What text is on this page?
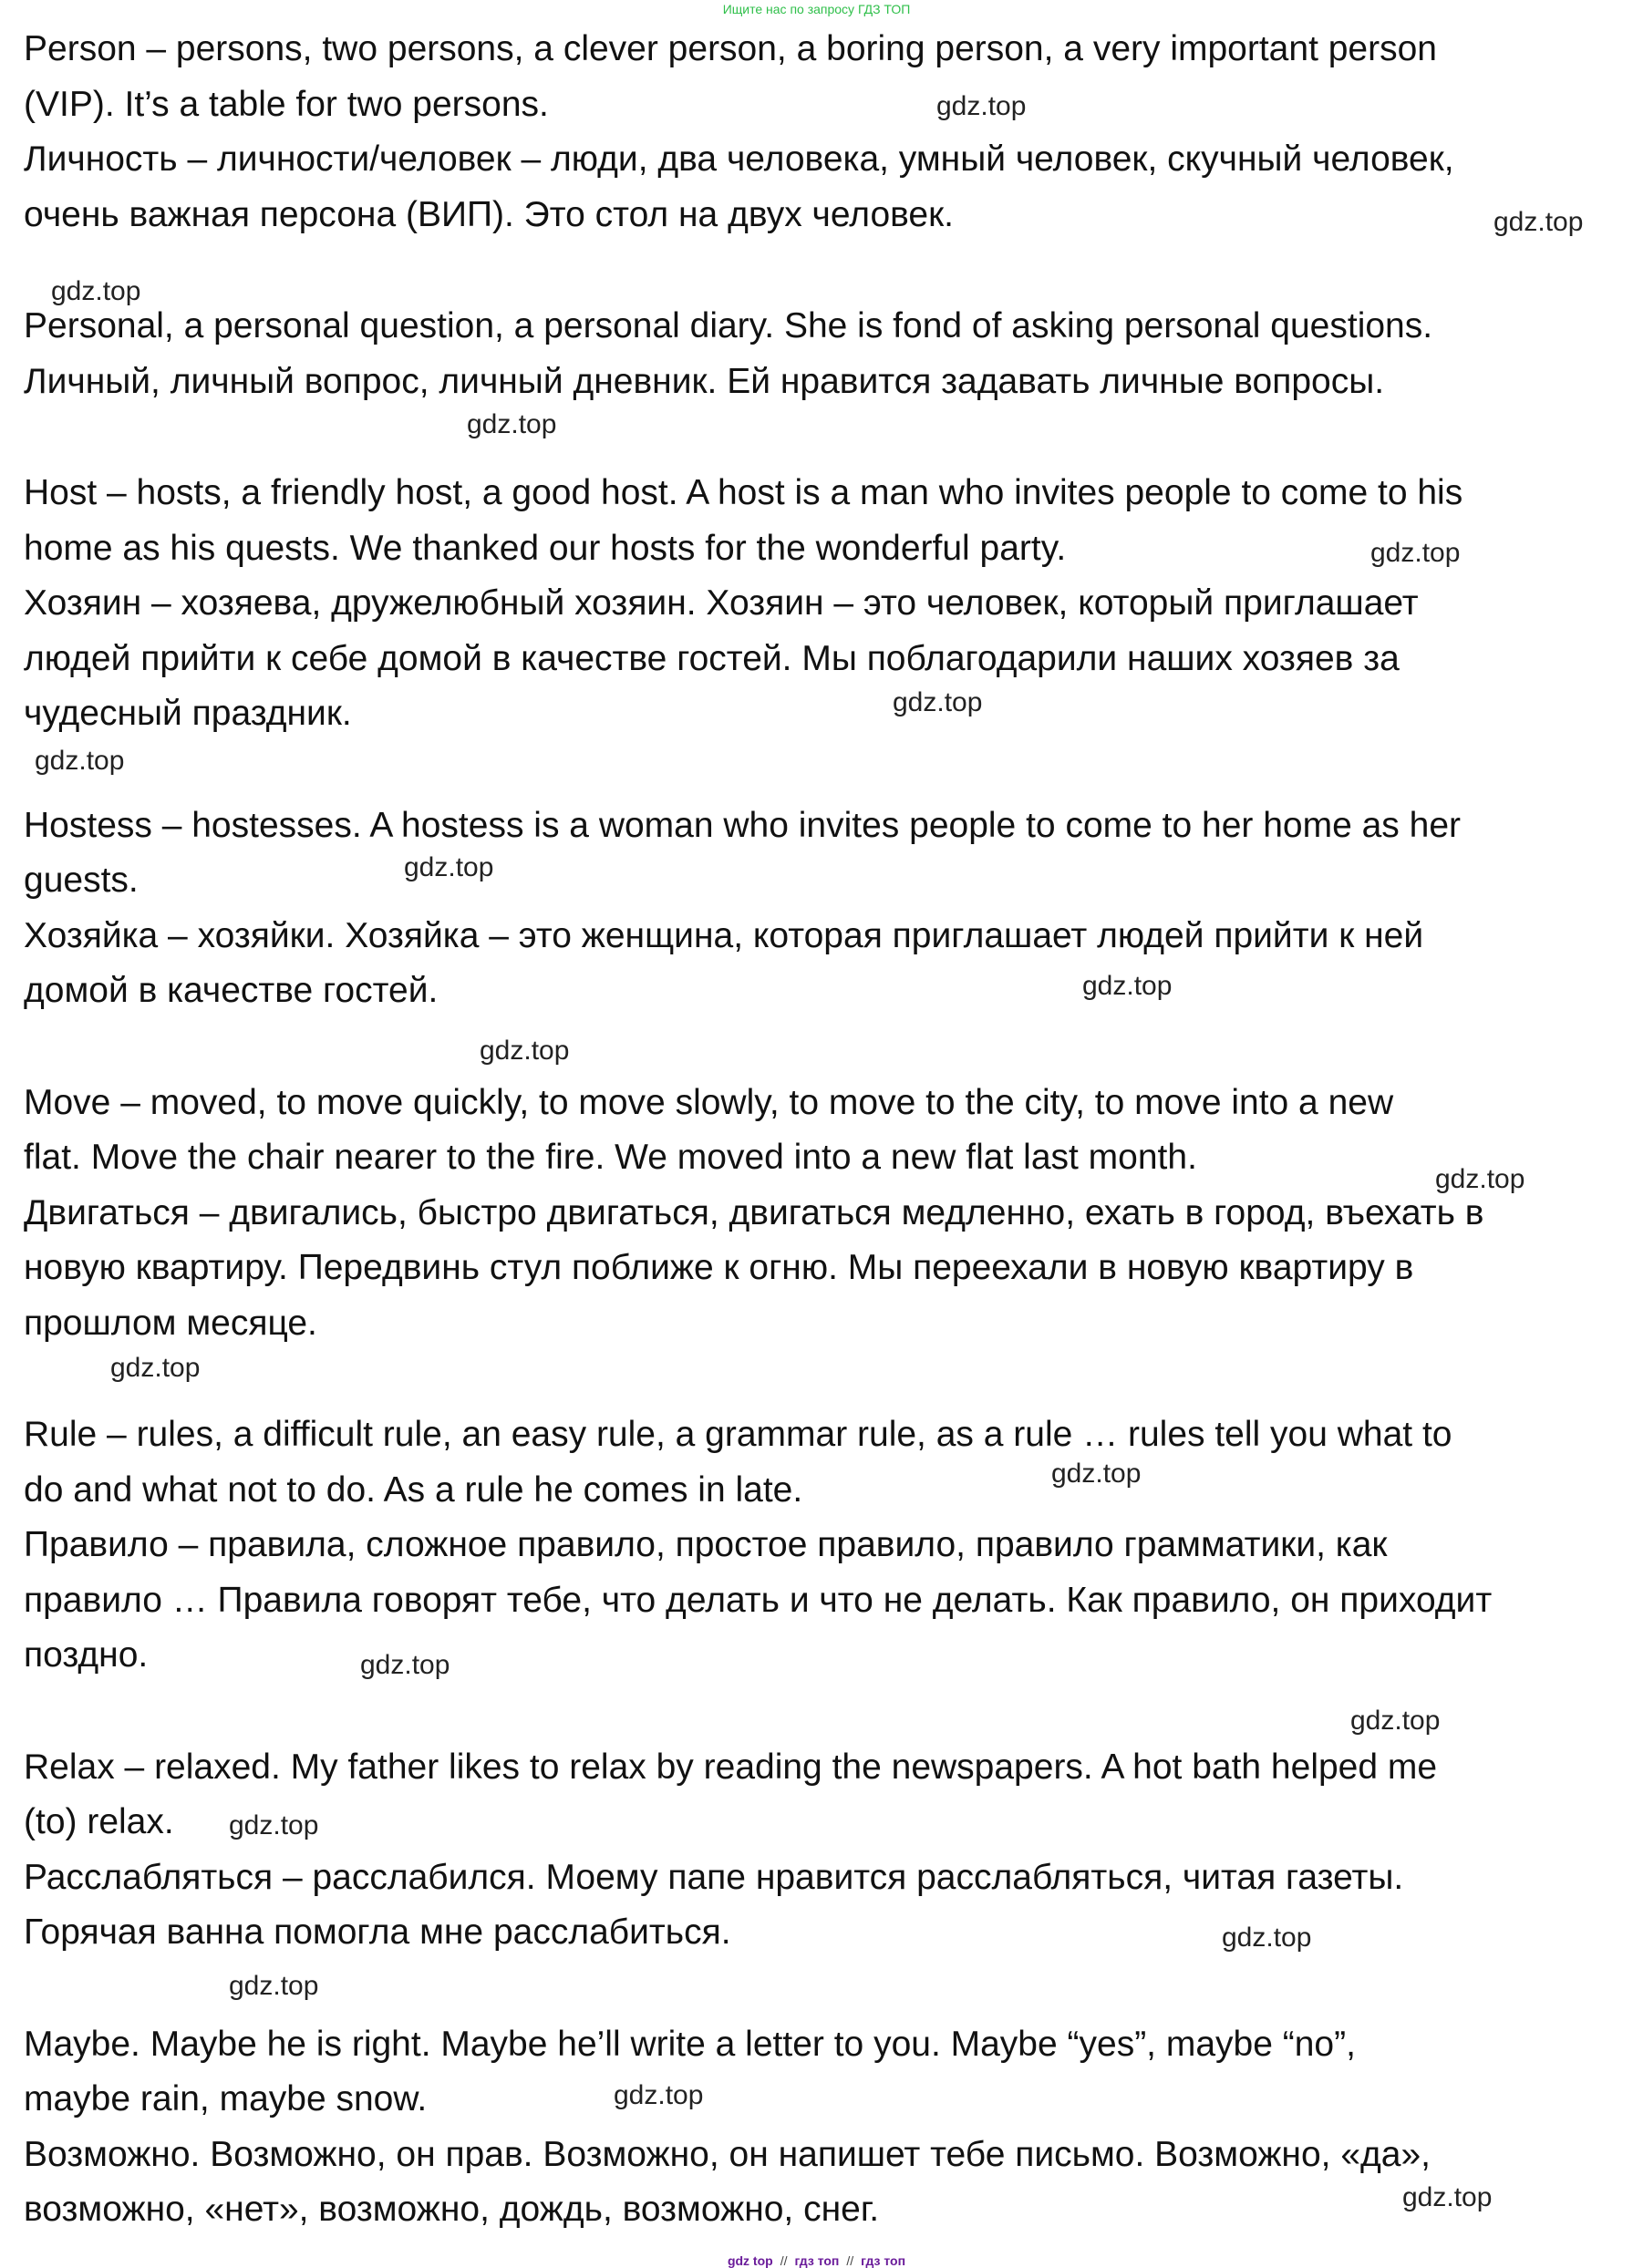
Ищите нас по запросу ГДЗ ТОП

Person – persons, two persons, a clever person, a boring person, a very important person

(VIP). It’s a table for two persons.

Личность – личности/человек – люди, два человека, умный человек, скучный человек,

очень важная персона (ВИП). Это стол на двух человек.

Personal, a personal question, a personal diary. She is fond of asking personal questions.

Личный, личный вопрос, личный дневник. Ей нравится задавать личные вопросы.

Host – hosts, a friendly host, a good host. A host is a man who invites people to come to his

home as his quests. We thanked our hosts for the wonderful party.

Хозяин – хозяева, дружелюбный хозяин. Хозяин – это человек, который приглашает

людей прийти к себе домой в качестве гостей. Мы поблагодарили наших хозяев за

чудесный праздник.

Hostess – hostesses. A hostess is a woman who invites people to come to her home as her

guests.

Хозяйка – хозяйки. Хозяйка – это женщина, которая приглашает людей прийти к ней

домой в качестве гостей.

Move – moved, to move quickly, to move slowly, to move to the city, to move into a new

flat. Move the chair nearer to the fire. We moved into a new flat last month.

Двигаться – двигались, быстро двигаться, двигаться медленно, ехать в город, въехать в

новую квартиру. Передвинь стул поближе к огню. Мы переехали в новую квартиру в

прошлом месяце.

Rule – rules, a difficult rule, an easy rule, a grammar rule, as a rule … rules tell you what to

do and what not to do. As a rule he comes in late.

Правило – правила, сложное правило, простое правило, правило грамматики, как

правило … Правила говорят тебе, что делать и что не делать. Как правило, он приходит

поздно.

Relax – relaxed. My father likes to relax by reading the newspapers. A hot bath helped me

(to) relax.

Расслабляться – расслабился. Моему папе нравится расслабляться, читая газеты.

Горячая ванна помогла мне расслабиться.

Maybe. Maybe he is right. Maybe he’ll write a letter to you. Maybe “yes”, maybe “no”,

maybe rain, maybe snow.

Возможно. Возможно, он прав. Возможно, он напишет тебе письмо. Возможно, «да»,

возможно, «нет», возможно, дождь, возможно, снег.

gdz.top
gdz.top
gdz.top
gdz.top
gdz.top
gdz.top
gdz.top
gdz.top
gdz.top
gdz.top
gdz.top
gdz.top
gdz.top
gdz.top
gdz.top
gdz.top
gdz.top
gdz.top
gdz.top
gdz.top
gdz top // гдз топ // гдз топ
